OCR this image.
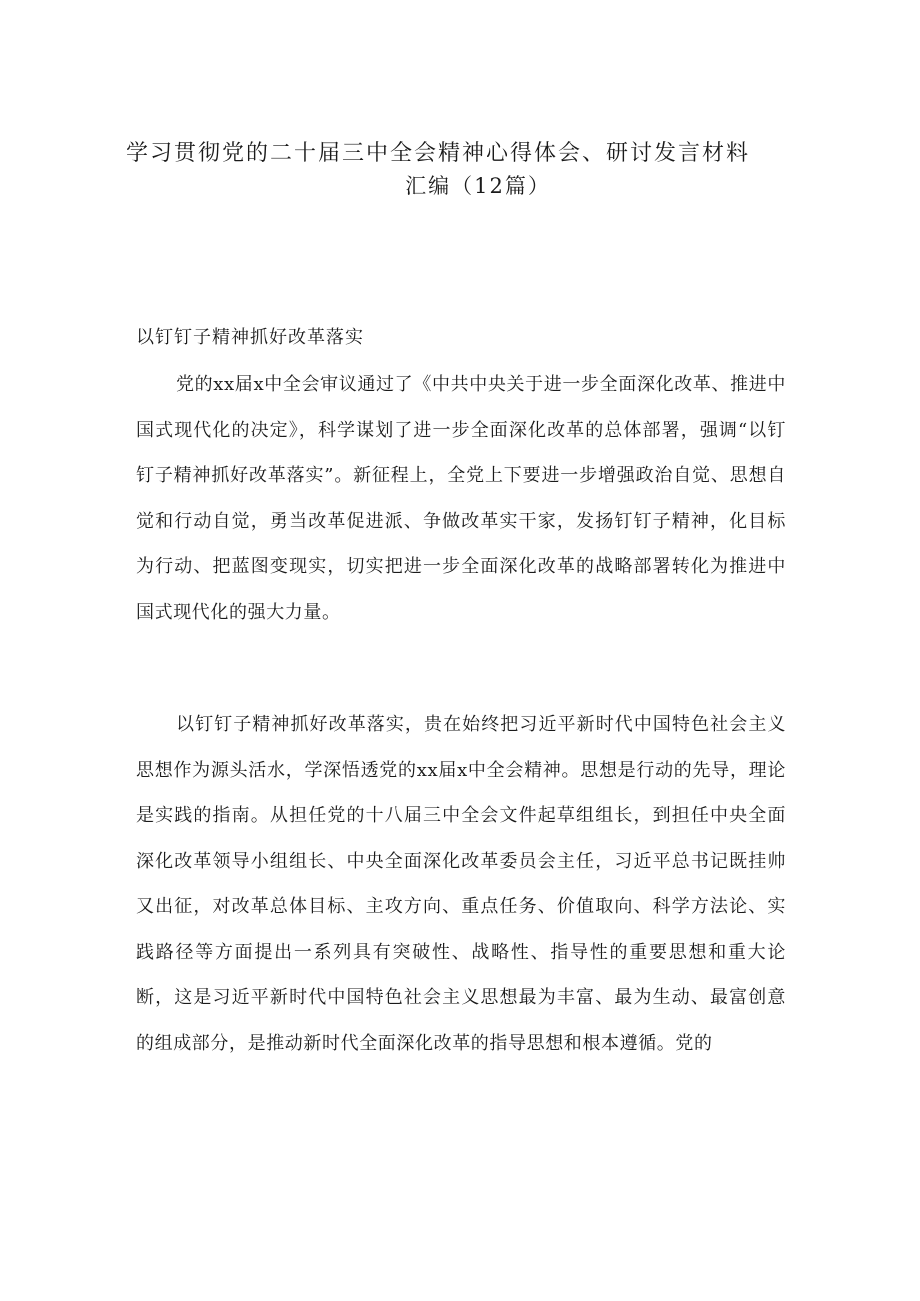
学习贯彻党的二十届三中全会精神心得体会、研讨发言材料
汇编（12篇）
以钉钉子精神抓好改革落实

党的xx届x中全会审议通过了《中共中央关于进一步全面深化改革、推进中国式现代化的决定》，科学谋划了进一步全面深化改革的总体部署，强调“以钉钉子精神抓好改革落实”。新征程上，全党上下要进一步增强政治自觉、思想自觉和行动自觉，勇当改革促进派、争做改革实干家，发扬钉钉子精神，化目标为行动、把蓝图变现实，切实把进一步全面深化改革的战略部署转化为推进中国式现代化的强大力量。

以钉钉子精神抓好改革落实，贵在始终把习近平新时代中国特色社会主义思想作为源头活水，学深悟透党的xx届x中全会精神。思想是行动的先导，理论是实践的指南。从担任党的十八届三中全会文件起草组组长，到担任中央全面深化改革领导小组组长、中央全面深化改革委员会主任，习近平总书记既挂帅又出征，对改革总体目标、主攻方向、重点任务、价值取向、科学方法论、实践路径等方面提出一系列具有突破性、战略性、指导性的重要思想和重大论断，这是习近平新时代中国特色社会主义思想最为丰富、最为生动、最富创意的组成部分，是推动新时代全面深化改革的指导思想和根本遵循。党的
